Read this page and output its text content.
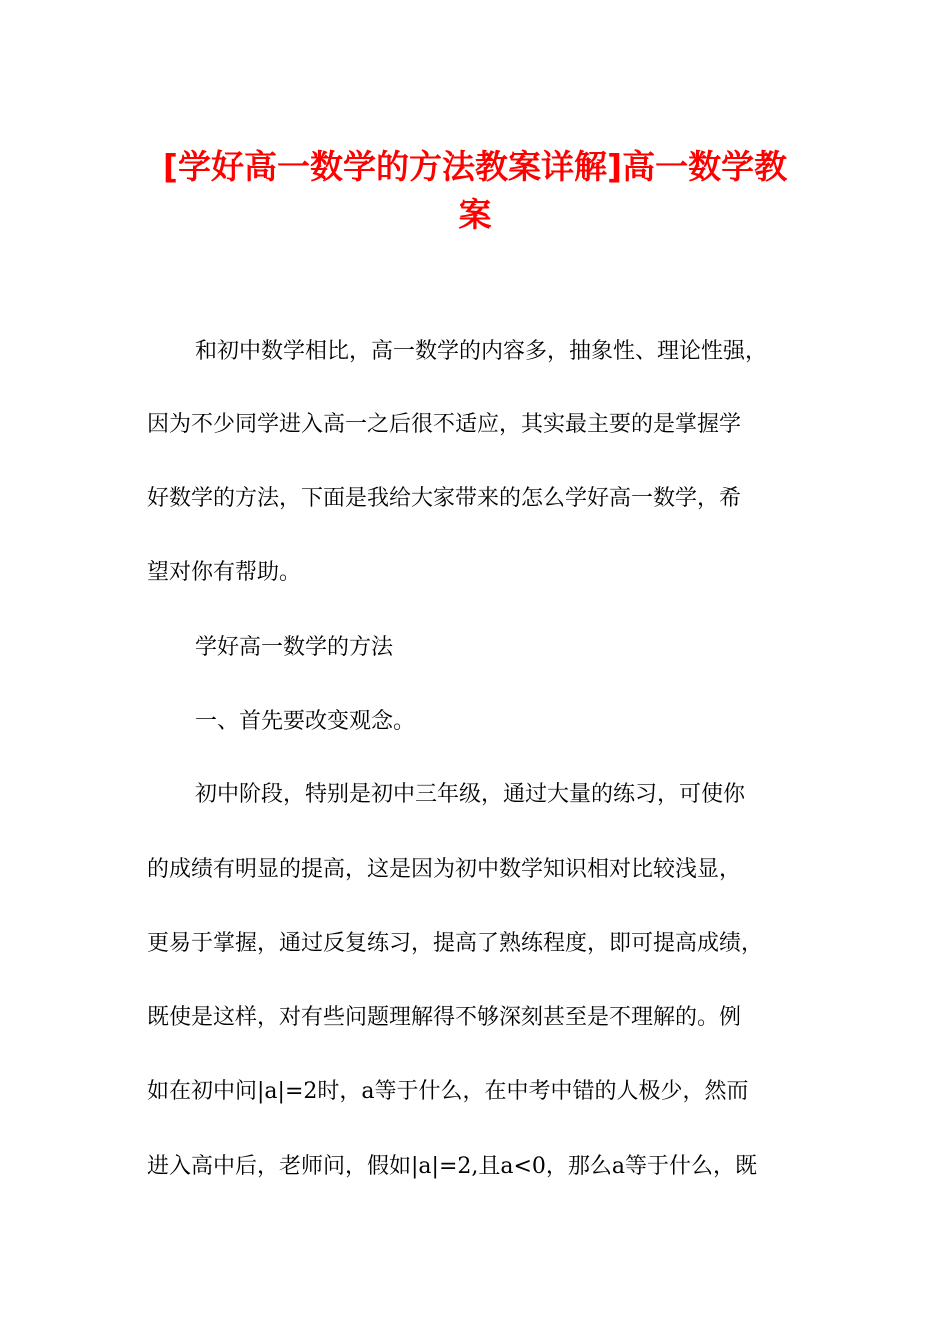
[学好高一数学的方法教案详解]高一数学教
案

和初中数学相比，高一数学的内容多，抽象性、理论性强，

因为不少同学进入高一之后很不适应，其实最主要的是掌握学

好数学的方法，下面是我给大家带来的怎么学好高一数学，希

望对你有帮助。

学好高一数学的方法

一、首先要改变观念。

初中阶段，特别是初中三年级，通过大量的练习，可使你

的成绩有明显的提高，这是因为初中数学知识相对比较浅显，

更易于掌握，通过反复练习，提高了熟练程度，即可提高成绩，

既使是这样，对有些问题理解得不够深刻甚至是不理解的。例

如在初中问|a|=2时，a等于什么，在中考中错的人极少，然而

进入高中后，老师问，假如|a|=2,且a<0，那么a等于什么，既
